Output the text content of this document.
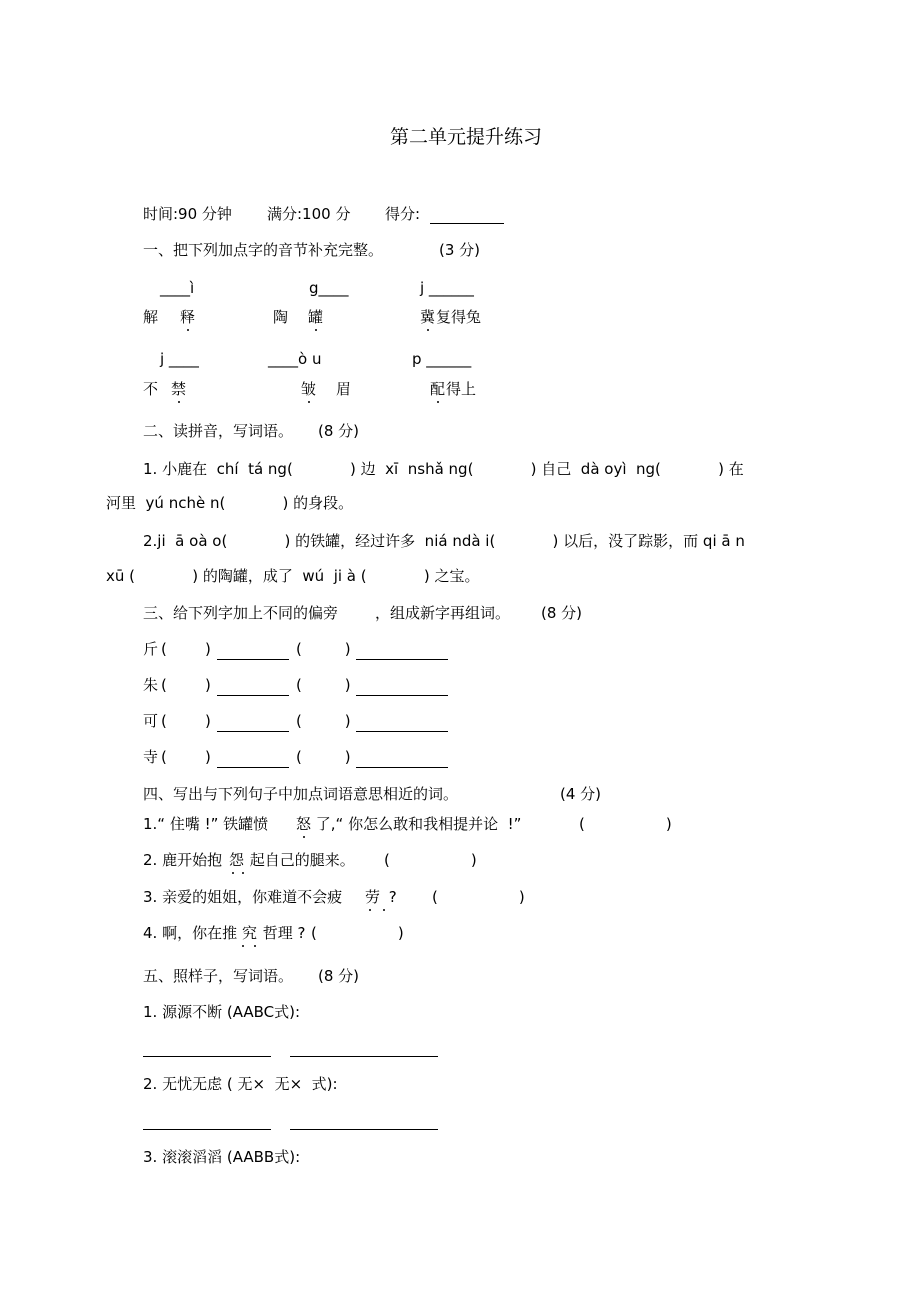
第二单元提升练习
时间:90 分钟 满分:100 分 得分:
一、把下列加点字的音节补充完整。	(3 分)
____ì	g____	j ______
解 释	陶 罐	冀 复得兔
j ____	____ò u	p ______
不 禁	皱 眉	配 得上
二、读拼音，写词语。 (8 分)
1. 小鹿在  chí  tá ng(            ) 边  xī  nshǎ ng(            ) 自己  dà oyì  ng(            ) 在
河里  yú nchè n(            ) 的身段。
2.ji  ā oà o(            ) 的铁罐，经过许多  niá ndà i(            ) 以后，没了踪影，而 qi ā n
xū (            ) 的陶罐，成了  wú  ji à (            ) 之宝。
三、给下列字加上不同的偏旁 ，组成新字再组词。 (8 分)
斤 (        )	(         )
朱 (        )	(         )
可 (        )	(         )
寺 (        )	(         )
四、写出与下列句子中加点词语意思相近的词。	(4 分)
1.“ 住嘴 !” 铁罐愤 怒 了,“ 你怎么敢和我相提并论  !”	(                 )
2. 鹿开始抱 怨 起自己的腿来。 (                 )
3. 亲爱的姐姐，你难道不会疲 劳 ? (                 )
4. 啊，你在推 究 哲理 ? (                 )
五、照样子，写词语。 (8 分)
1. 源源不断 (AABC式):
2. 无忧无虑 ( 无×  无×  式):
3. 滚滚滔滔 (AABB式):
